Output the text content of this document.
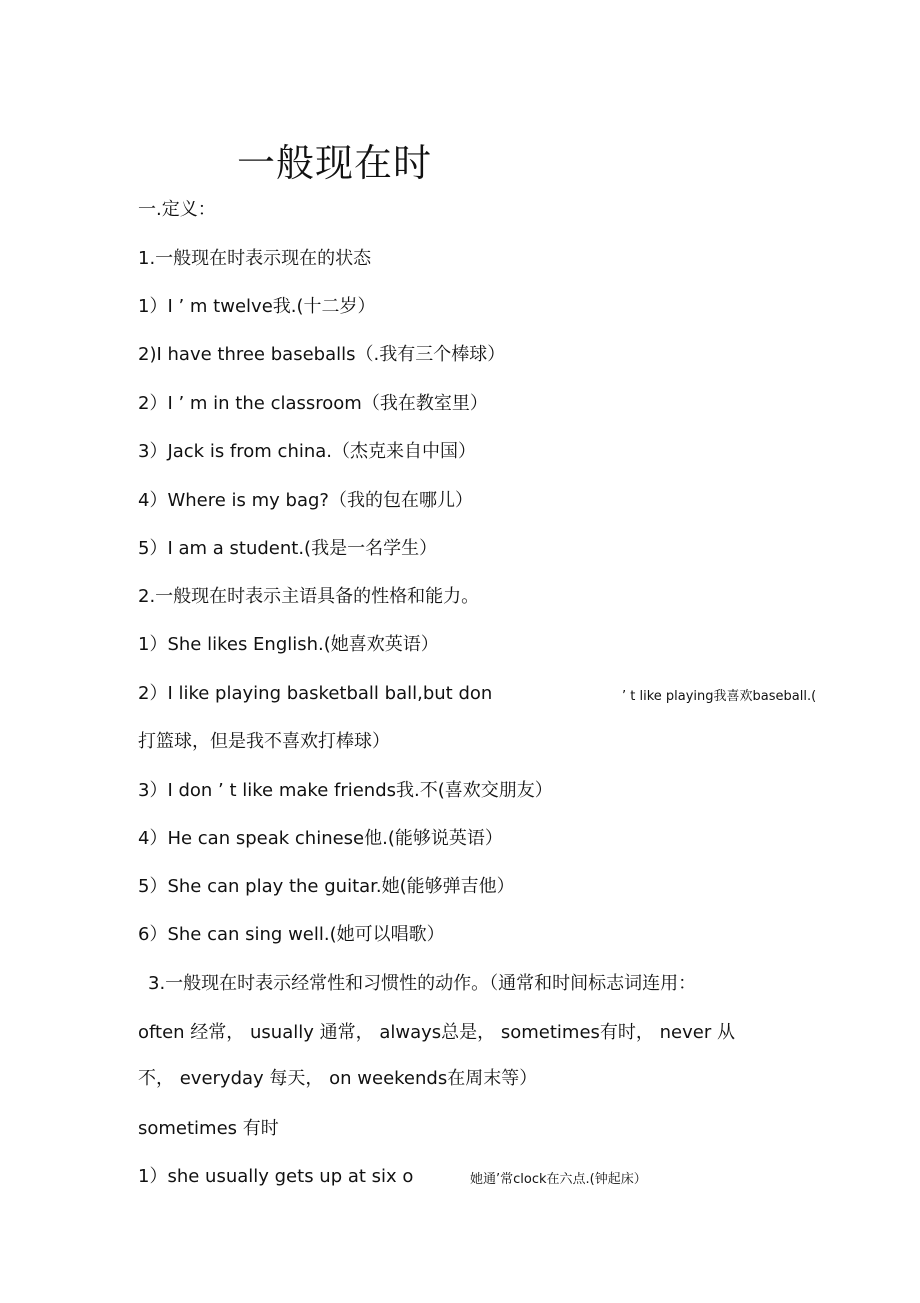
一般现在时
一.定义：
1.一般现在时表示现在的状态
1）I ’ m twelve我.(十二岁）
2)I have three baseballs（.我有三个棒球）
2）I ’ m in the classroom（我在教室里）
3）Jack is from china.（杰克来自中国）
4）Where is my bag?（我的包在哪儿）
5）I am a student.(我是一名学生）
2.一般现在时表示主语具备的性格和能力。
1）She likes English.(她喜欢英语）
2）I like playing basketball ball,but don	’ t like playing我喜欢baseball.(
打篮球，但是我不喜欢打棒球）
3）I don ’ t like make friends我.不(喜欢交朋友）
4）He can speak chinese他.(能够说英语）
5）She can play the guitar.她(能够弹吉他）
6）She can sing well.(她可以唱歌）
3.一般现在时表示经常性和习惯性的动作。（通常和时间标志词连用：
often 经常， usually 通常， always总是， sometimes有时， never 从
不， everyday 每天， on weekends在周末等）
sometimes 有时
1）she usually gets up at six o	她通’常clock在六点.(钟起床）
